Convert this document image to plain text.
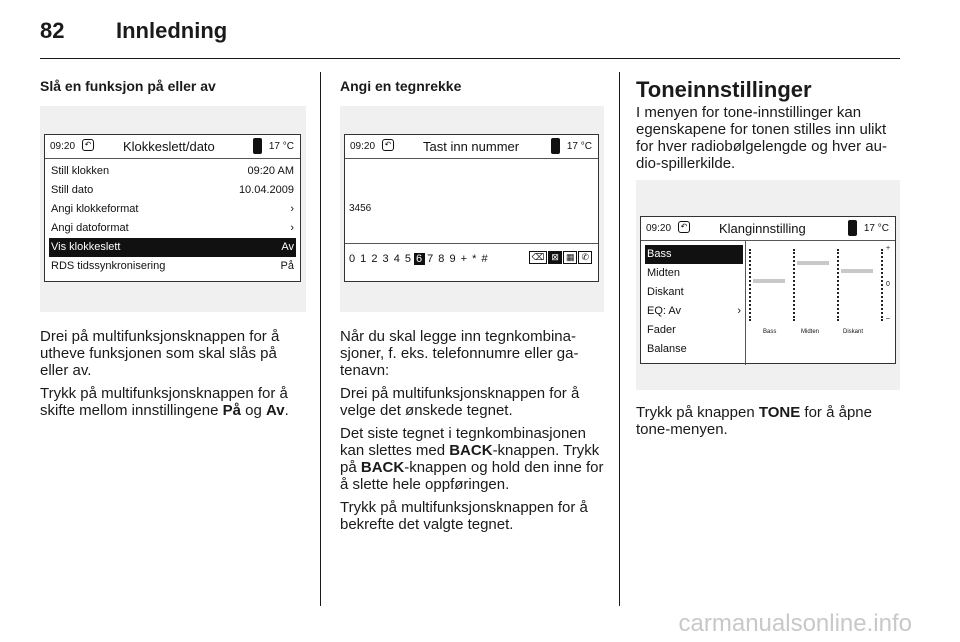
82 Innledning
Slå en funksjon på eller av
09:20	↶ Klokkeslett/dato	17 °C
Still klokken	09:20 AM
Still dato	10.04.2009
Angi klokkeformat	›
Angi datoformat	›
Vis klokkeslett	Av
RDS tidssynkronisering	På

Drei på multifunksjonsknappen for å utheve funksjonen som skal slås på eller av.

Trykk på multifunksjonsknappen for å skifte mellom innstillingene På og Av.

Angi en tegnrekke
09:20	↶ Tast inn nummer	17 °C
3456
0 1 2 3 4 5 6 7 8 9 + * #	⌫ ⊠ ▦ ✆

Når du skal legge inn tegnkombina-sjoner, f. eks. telefonnumre eller ga-tenavn:

Drei på multifunksjonsknappen for å velge det ønskede tegnet.

Det siste tegnet i tegnkombinasjonen kan slettes med BACK-knappen. Trykk på BACK-knappen og hold den inne for å slette hele oppføringen.

Trykk på multifunksjonsknappen for å bekrefte det valgte tegnet.

Toneinnstillinger

I menyen for tone-innstillinger kan egenskapene for tonen stilles inn ulikt for hver radiobølgelengde og hver au-dio-spillerkilde.

09:20	↶ Klanginnstilling	17 °C
Bass
Midten
Diskant
EQ: Av	›
Fader
Balanse
+
0
–
Bass	Midten	Diskant

Trykk på knappen TONE for å åpne tone-menyen.

carmanualsonline.info
